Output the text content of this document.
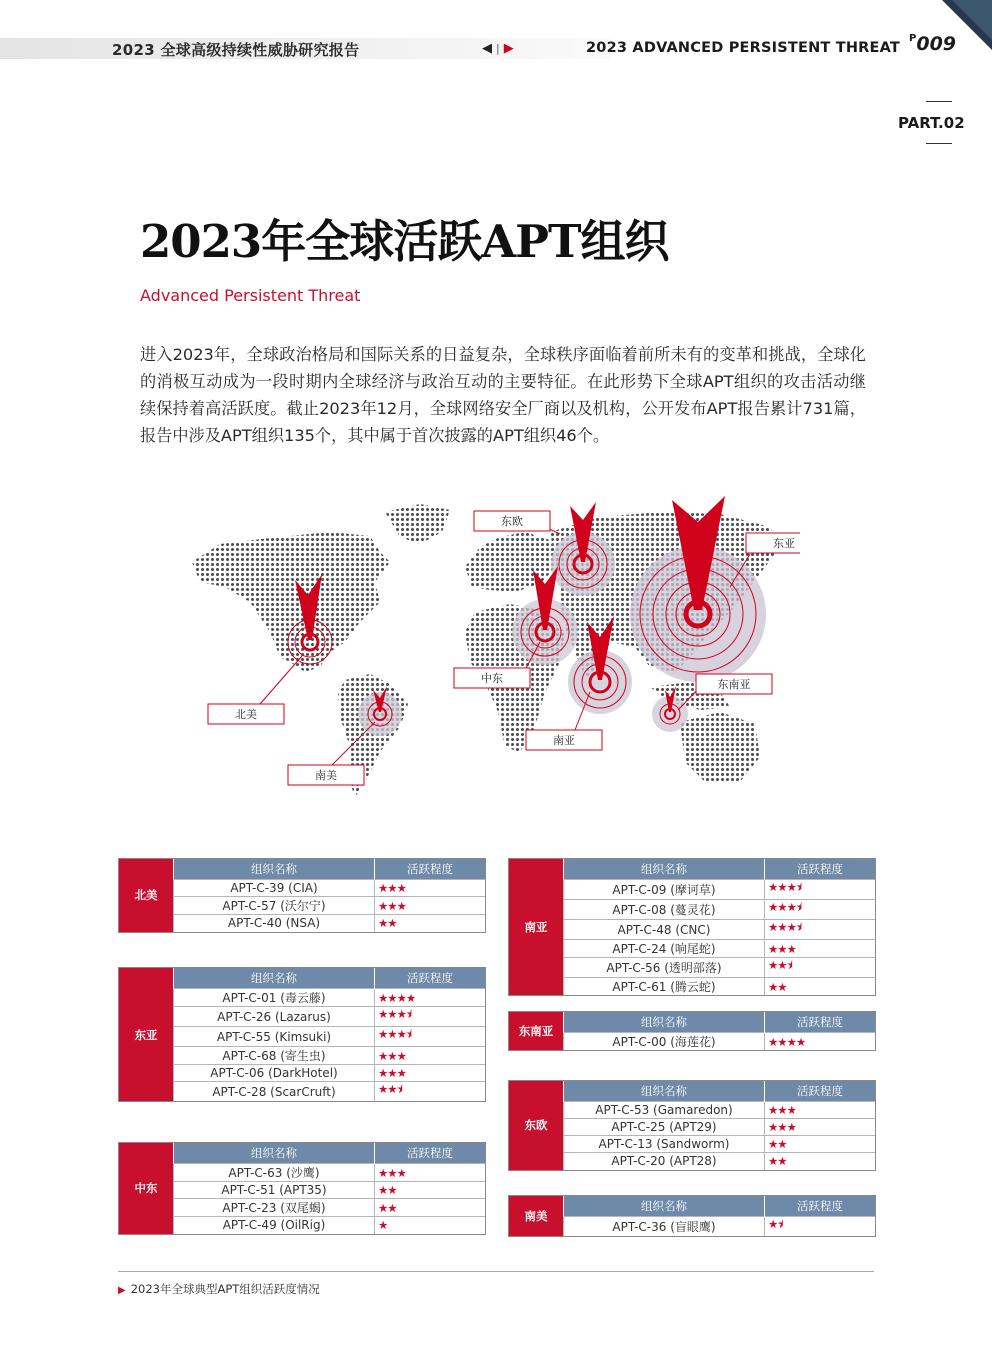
2023 全球高级持续性威胁研究报告	◀ | ▶	2023 ADVANCED PERSISTENT THREAT
$^P$009
PART.02
2023年全球活跃APT组织
Advanced Persistent Threat
进入2023年，全球政治格局和国际关系的日益复杂，全球秩序面临着前所未有的变革和挑战，全球化的消极互动成为一段时期内全球经济与政治互动的主要特征。在此形势下全球APT组织的攻击活动继续保持着高活跃度。截止2023年12月，全球网络安全厂商以及机构，公开发布APT报告累计731篇，报告中涉及APT组织135个，其中属于首次披露的APT组织46个。
北美
南美
东欧
东亚
中东
南亚
东南亚
北美
组织名称	活跃程度
APT-C-39 (CIA)	★★★
APT-C-57 (沃尔宁)	★★★
APT-C-40 (NSA)	★★
东亚
组织名称	活跃程度
APT-C-01 (毒云藤)	★★★★
APT-C-26 (Lazarus)	★★★⯨
APT-C-55 (Kimsuki)	★★★⯨
APT-C-68 (寄生虫)	★★★
APT-C-06 (DarkHotel)	★★★
APT-C-28 (ScarCruft)	★★⯨
中东
组织名称	活跃程度
APT-C-63 (沙鹰)	★★★
APT-C-51 (APT35)	★★
APT-C-23 (双尾蝎)	★★
APT-C-49 (OilRig)	★
南亚
组织名称	活跃程度
APT-C-09 (摩诃草)	★★★⯨
APT-C-08 (蔓灵花)	★★★⯨
APT-C-48 (CNC)	★★★⯨
APT-C-24 (响尾蛇)	★★★
APT-C-56 (透明部落)	★★⯨
APT-C-61 (腾云蛇)	★★
东南亚
组织名称	活跃程度
APT-C-00 (海莲花)	★★★★
东欧
组织名称	活跃程度
APT-C-53 (Gamaredon)	★★★
APT-C-25 (APT29)	★★★
APT-C-13 (Sandworm)	★★
APT-C-20 (APT28)	★★
南美
组织名称	活跃程度
APT-C-36 (盲眼鹰)	★⯨
▶ 2023年全球典型APT组织活跃度情况
